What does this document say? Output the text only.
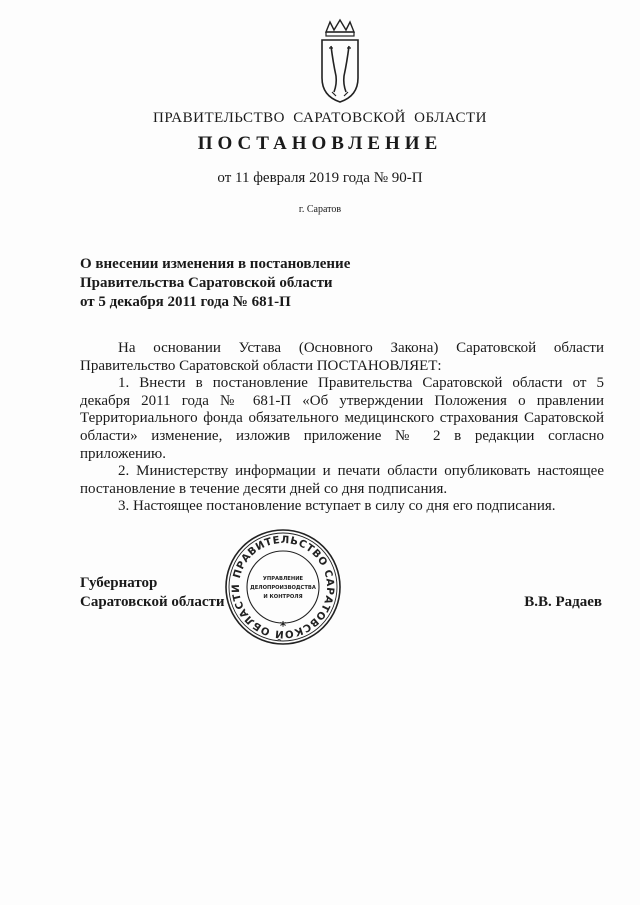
ПРАВИТЕЛЬСТВО САРАТОВСКОЙ ОБЛАСТИ
ПОСТАНОВЛЕНИЕ
от 11 февраля 2019 года № 90-П
г. Саратов
О внесении изменения в постановление
Правительства Саратовской области
от 5 декабря 2011 года № 681-П

На основании Устава (Основного Закона) Саратовской области Правительство Саратовской области ПОСТАНОВЛЯЕТ:

1. Внести в постановление Правительства Саратовской области от 5 декабря 2011 года № 681-П «Об утверждении Положения о правлении Территориального фонда обязательного медицинского страхования Саратовской области» изменение, изложив приложение № 2 в редакции согласно приложению.

2. Министерству информации и печати области опубликовать настоящее постановление в течение десяти дней со дня подписания.

3. Настоящее постановление вступает в силу со дня его подписания.

Губернатор
Саратовской области	В.В. Радаев
ПРАВИТЕЛЬСТВО САРАТОВСКОЙ ОБЛАСТИ
УПРАВЛЕНИЕ
ДЕЛОПРОИЗВОДСТВА
И КОНТРОЛЯ
*
